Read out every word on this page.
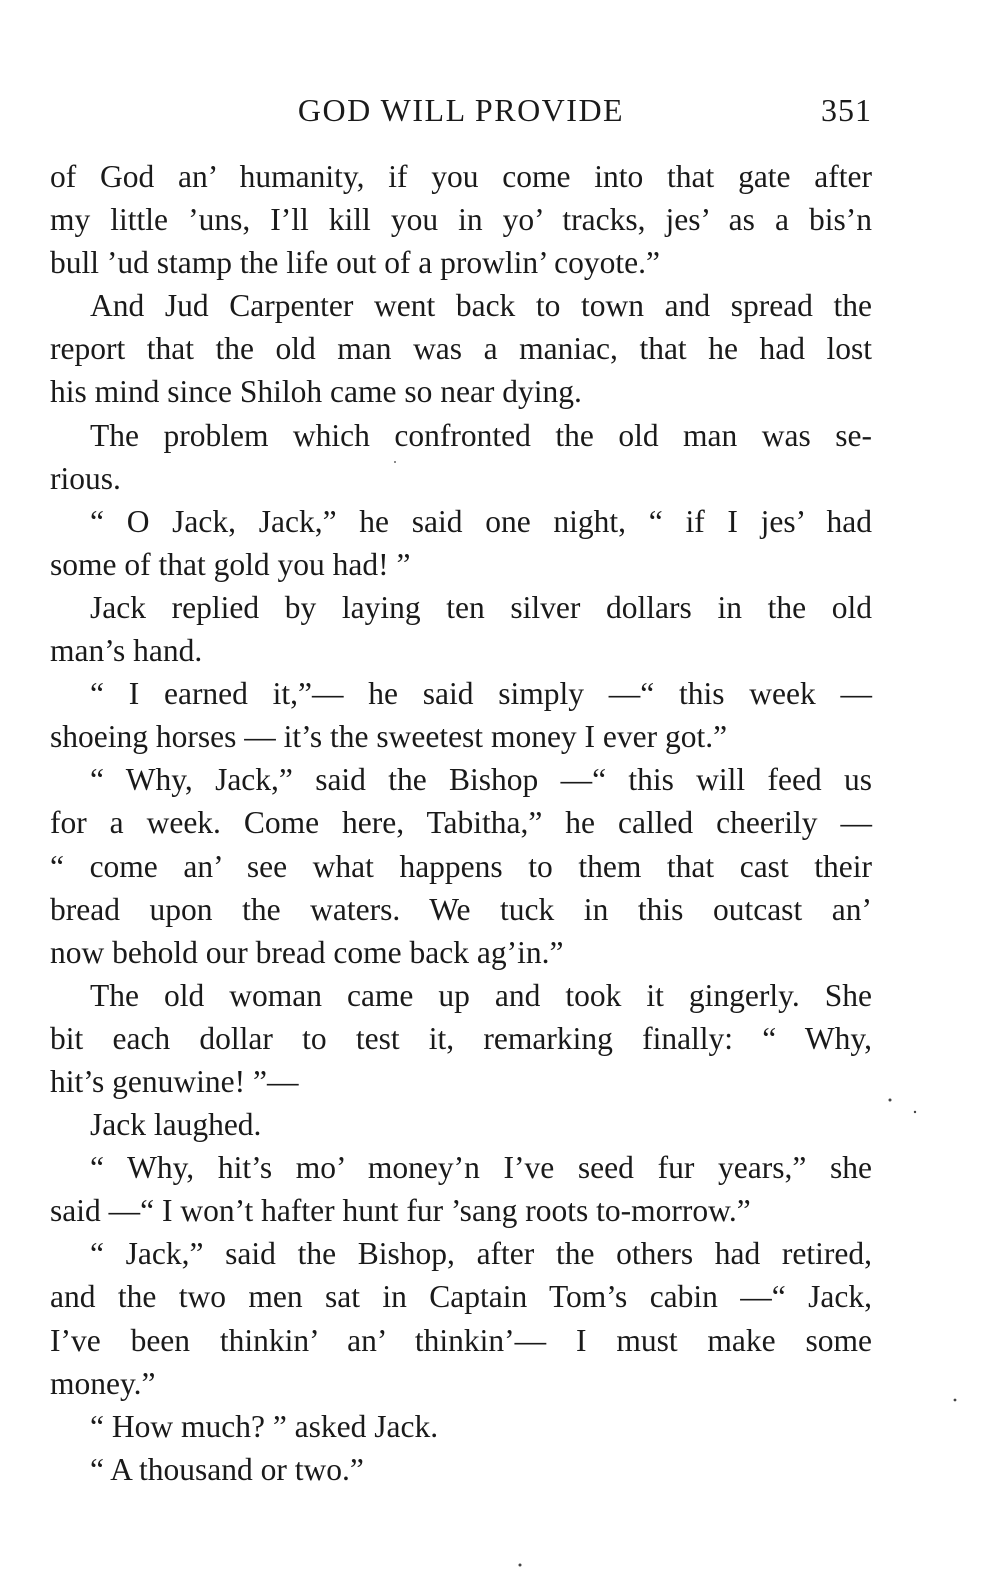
GOD WILL PROVIDE	351
of God an’ humanity, if you come into that gate after
my little ’uns, I’ll kill you in yo’ tracks, jes’ as a bis’n
bull ’ud stamp the life out of a prowlin’ coyote.”
And Jud Carpenter went back to town and spread the
report that the old man was a maniac, that he had lost
his mind since Shiloh came so near dying.
The problem which confronted the old man was se-
rious.
“ O Jack, Jack,” he said one night, “ if I jes’ had
some of that gold you had! ”
Jack replied by laying ten silver dollars in the old
man’s hand.
“ I earned it,”— he said simply —“ this week —
shoeing horses — it’s the sweetest money I ever got.”
“ Why, Jack,” said the Bishop —“ this will feed us
for a week. Come here, Tabitha,” he called cheerily —
“ come an’ see what happens to them that cast their
bread upon the waters. We tuck in this outcast an’
now behold our bread come back ag’in.”
The old woman came up and took it gingerly. She
bit each dollar to test it, remarking finally: “ Why,
hit’s genuwine! ”—
Jack laughed.
“ Why, hit’s mo’ money’n I’ve seed fur years,” she
said —“ I won’t hafter hunt fur ’sang roots to-morrow.”
“ Jack,” said the Bishop, after the others had retired,
and the two men sat in Captain Tom’s cabin —“ Jack,
I’ve been thinkin’ an’ thinkin’— I must make some
money.”
“ How much? ” asked Jack.
“ A thousand or two.”
